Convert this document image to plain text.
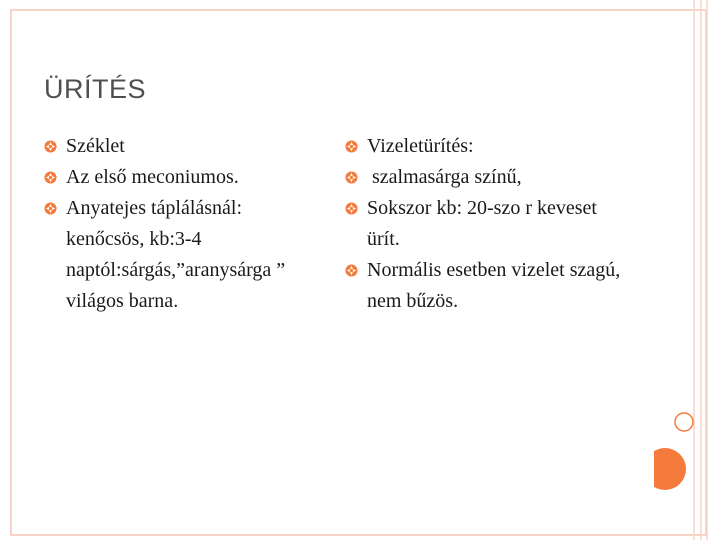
ÜRÍTÉS
Széklet
Az első meconiumos.
Anyatejes táplálásnál: kenőcsös, kb:3-4 naptól:sárgás,”aranysárga ” világos barna.
Vizeletürítés:
szalmasárga színű,
Sokszor kb: 20-szo r keveset ürít.
Normális esetben vizelet szagú, nem bűzös.
